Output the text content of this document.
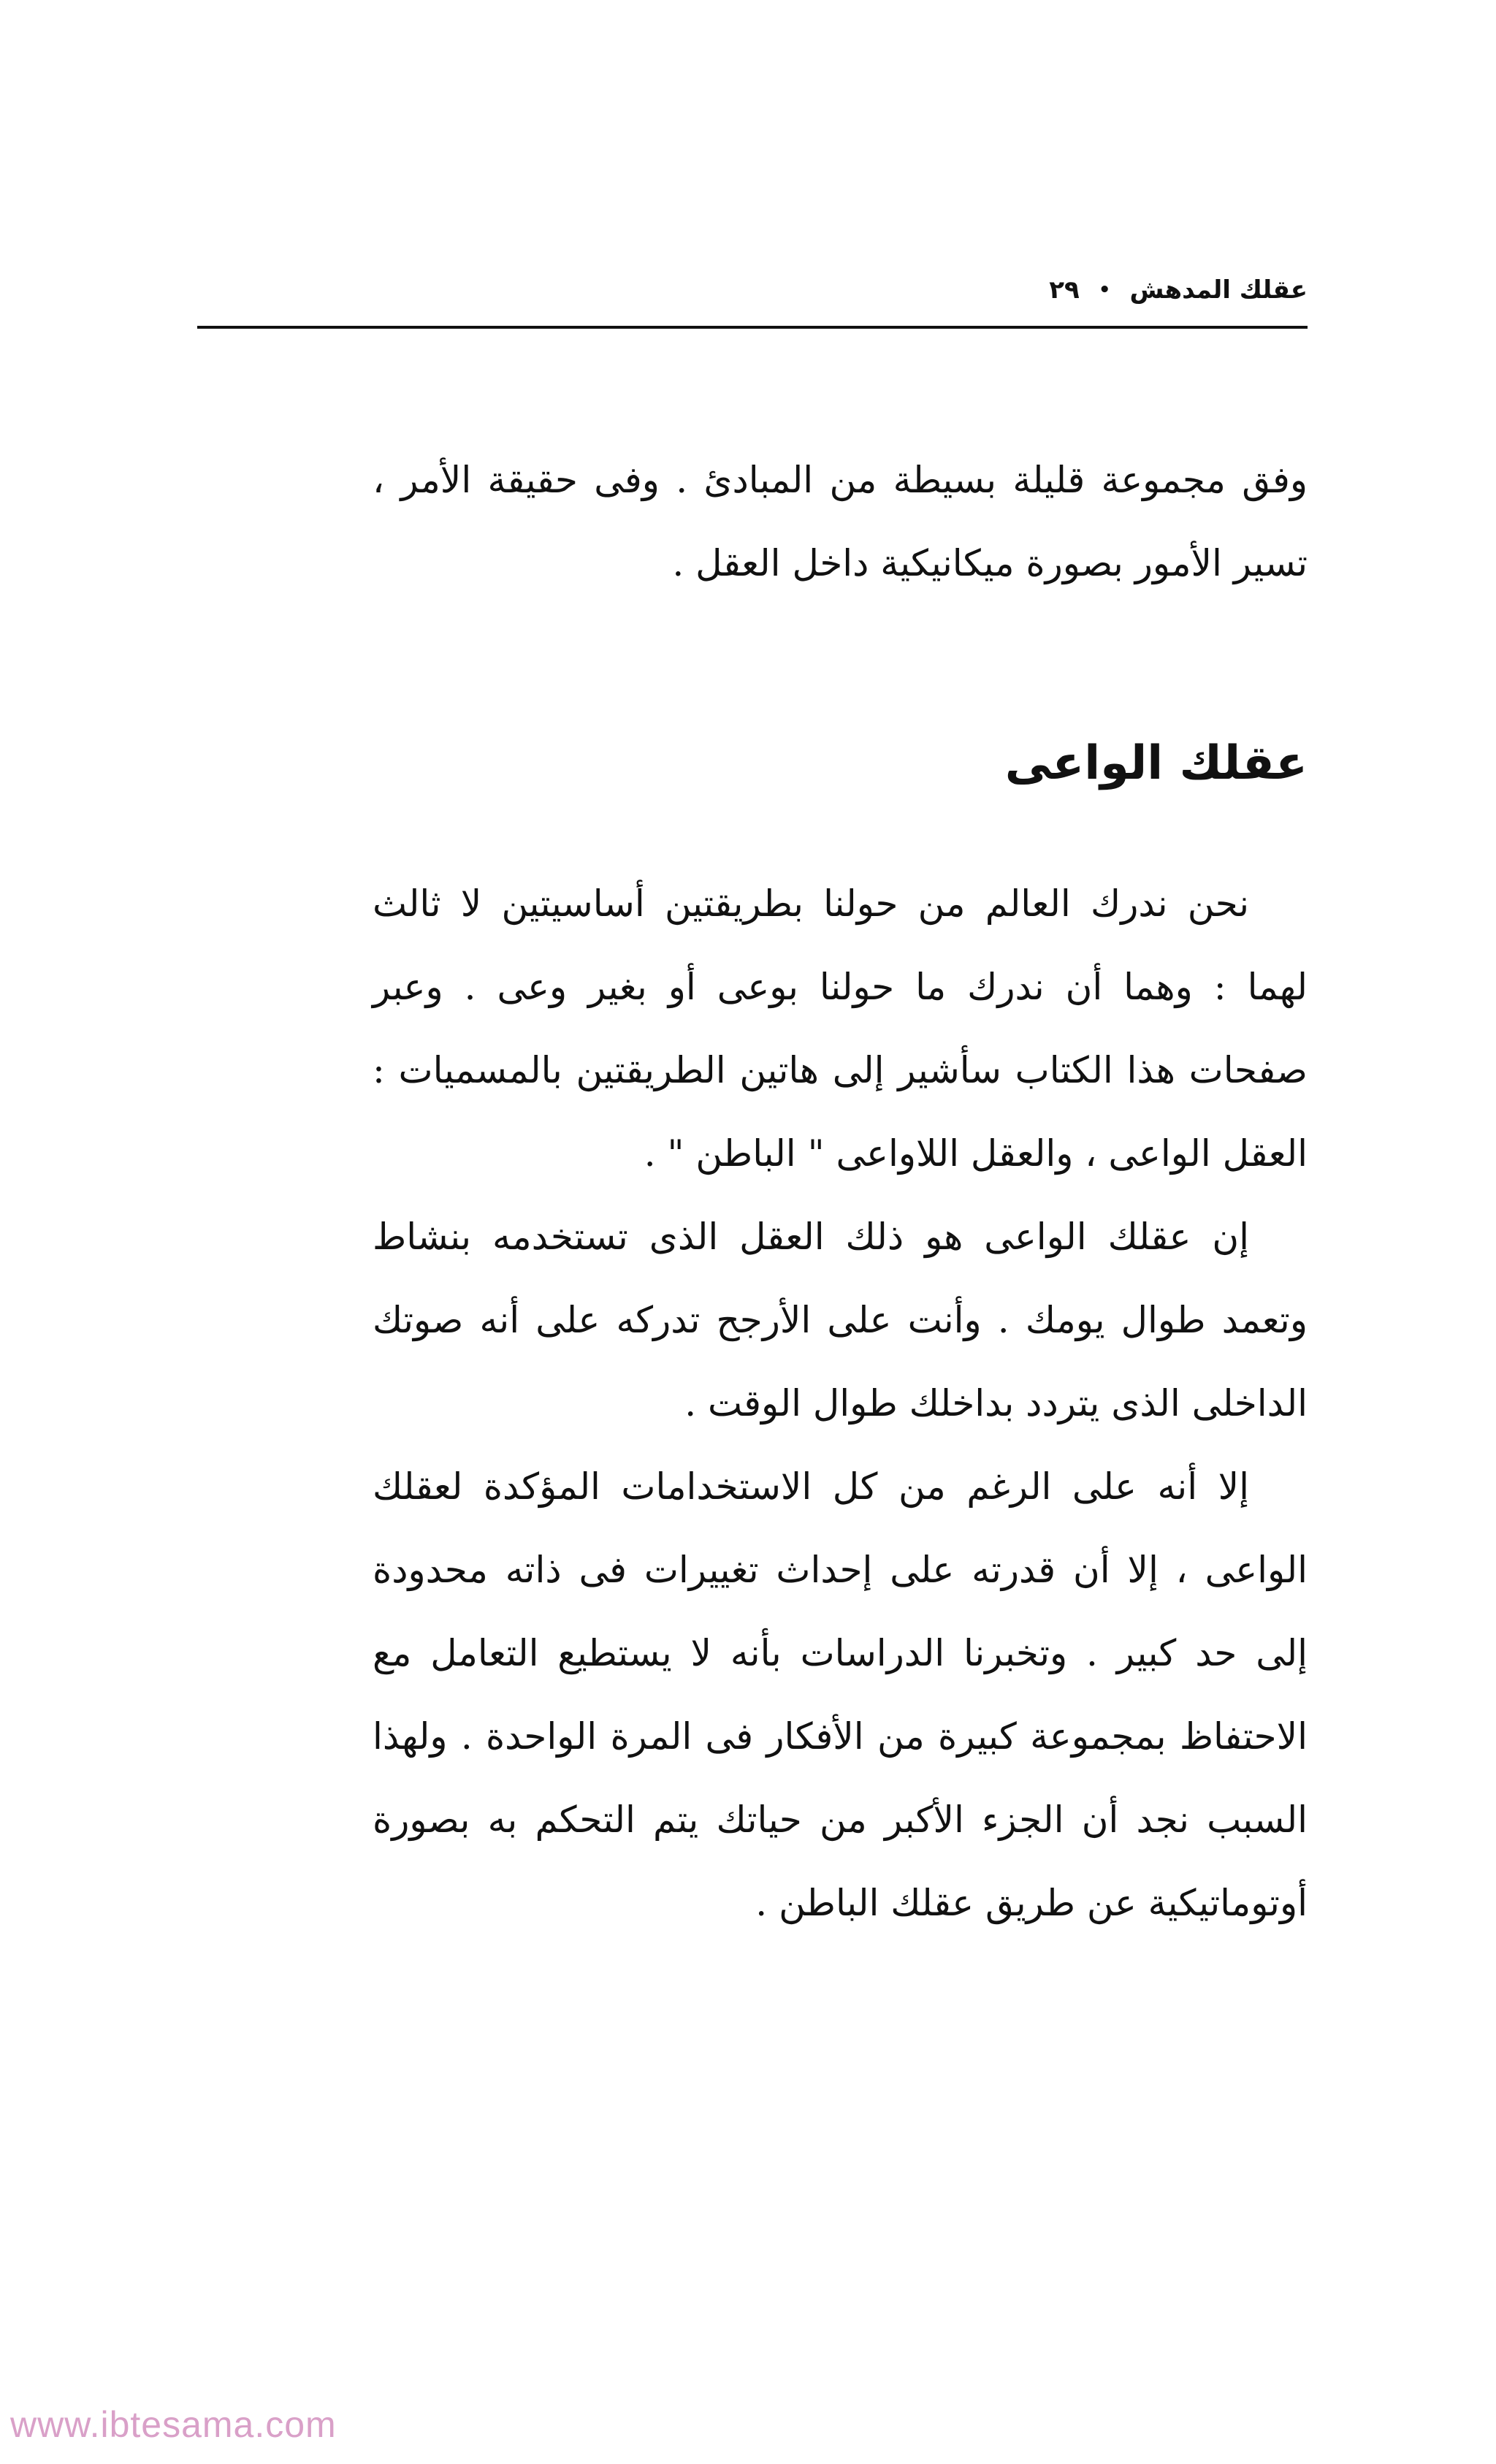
عقلك المدهش
•
٢٩

وفق مجموعة قليلة بسيطة من المبادئ . وفى حقيقة الأمر ، تسير الأمور بصورة ميكانيكية داخل العقل .

عقلك الواعى

نحن ندرك العالم من حولنا بطريقتين أساسيتين لا ثالث لهما : وهما أن ندرك ما حولنا بوعى أو بغير وعى . وعبر صفحات هذا الكتاب سأشير إلى هاتين الطريقتين بالمسميات : العقل الواعى ، والعقل اللاواعى " الباطن " .

إن عقلك الواعى هو ذلك العقل الذى تستخدمه بنشاط وتعمد طوال يومك . وأنت على الأرجح تدركه على أنه صوتك الداخلى الذى يتردد بداخلك طوال الوقت .

إلا أنه على الرغم من كل الاستخدامات المؤكدة لعقلك الواعى ، إلا أن قدرته على إحداث تغييرات فى ذاته محدودة إلى حد كبير . وتخبرنا الدراسات بأنه لا يستطيع التعامل مع الاحتفاظ بمجموعة كبيرة من الأفكار فى المرة الواحدة . ولهذا السبب نجد أن الجزء الأكبر من حياتك يتم التحكم به بصورة أوتوماتيكية عن طريق عقلك الباطن .

www.ibtesama.com
